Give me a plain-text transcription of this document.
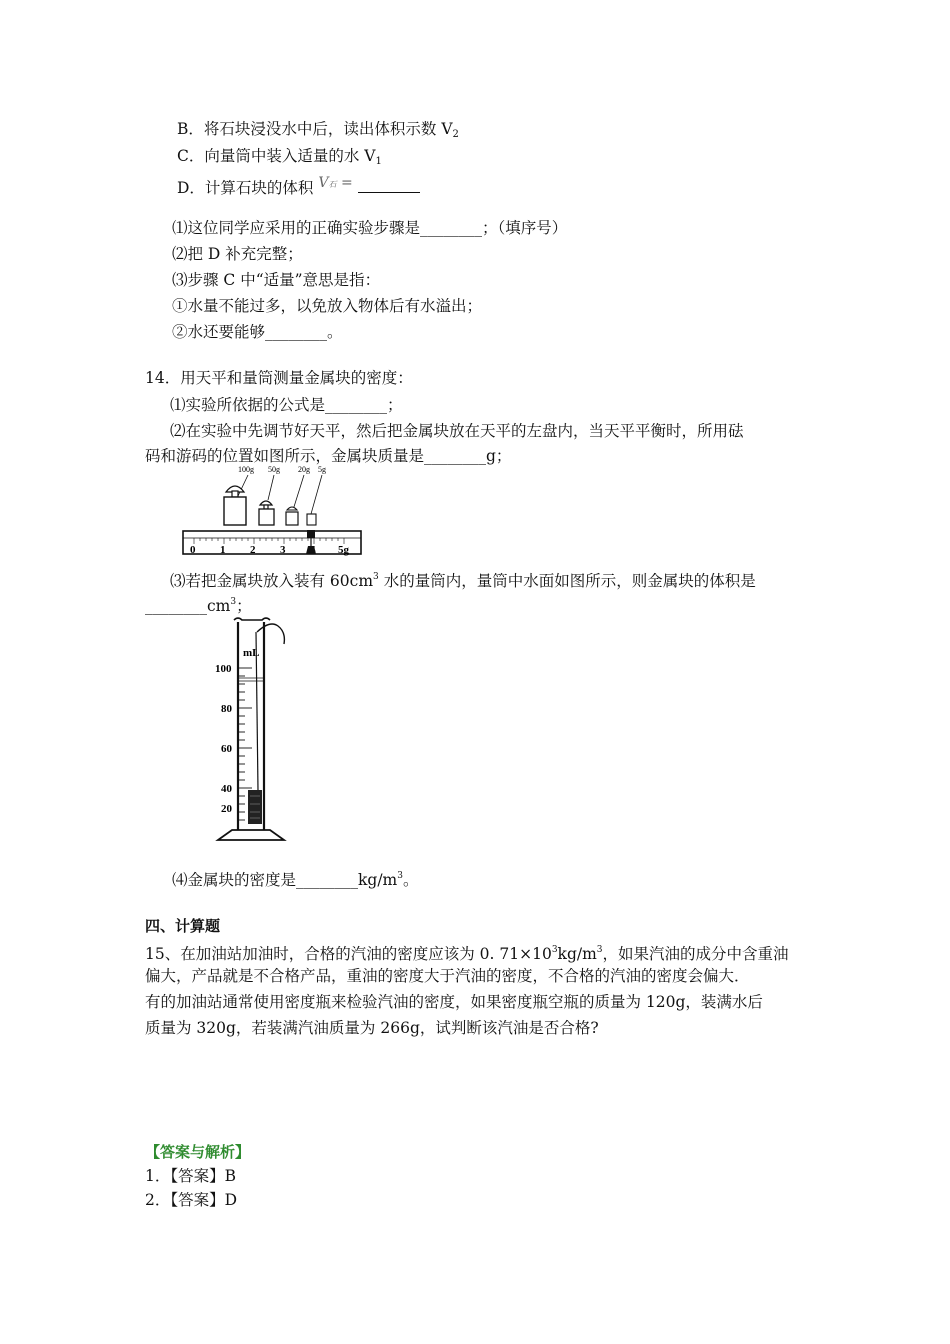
B．将石块浸没水中后，读出体积示数 $V_2$
C．向量筒中装入适量的水 $V_1$
D．计算石块的体积 V石 =
⑴这位同学应采用的正确实验步骤是________；（填序号）
⑵把 D 补充完整；
⑶步骤 C 中“适量”意思是指：
①水量不能过多，以免放入物体后有水溢出；
②水还要能够________。
14．用天平和量筒测量金属块的密度：
⑴实验所依据的公式是________；
⑵在实验中先调节好天平，然后把金属块放在天平的左盘内，当天平平衡时，所用砝
码和游码的位置如图所示，金属块质量是________g；
100g 50g 20g 5g
0 1 2 3	5g
⑶若把金属块放入装有 $60cm^3$ 水的量筒内，量筒中水面如图所示，则金属块的体积是
$\_\_\_\_\_\_\_\_cm^3$；
mL
100
80
60
40
20
⑷金属块的密度是$\_\_\_\_\_\_\_\_kg/m^3$。
四、计算题
15、在加油站加油时，合格的汽油的密度应该为 0. $71\times 10^3kg/m^3$，如果汽油的成分中含重油
偏大，产品就是不合格产品，重油的密度大于汽油的密度，不合格的汽油的密度会偏大．
有的加油站通常使用密度瓶来检验汽油的密度，如果密度瓶空瓶的质量为 120g，装满水后
质量为 320g，若装满汽油质量为 266g，试判断该汽油是否合格?
【答案与解析】
1．【答案】B
2．【答案】D
